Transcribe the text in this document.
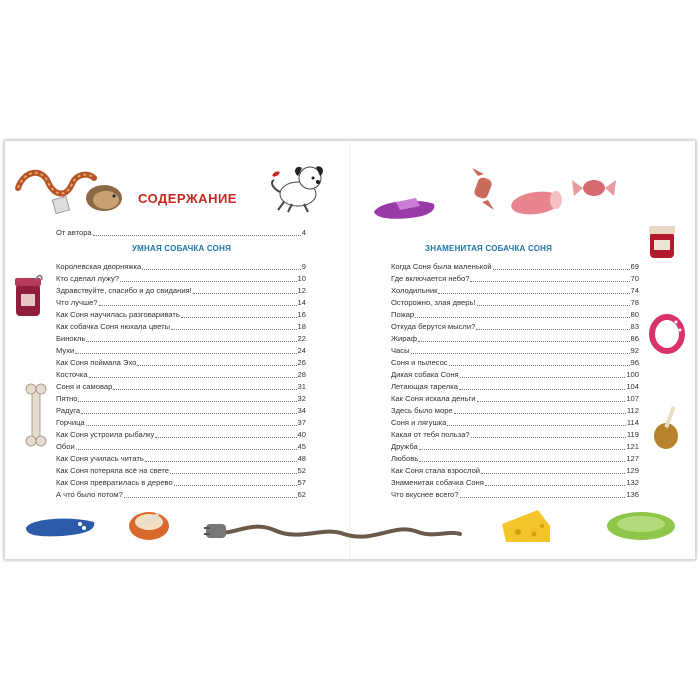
СОДЕРЖАНИЕ
От автора	4
УМНАЯ СОБАЧКА СОНЯ
Королевская дворняжка	9
Кто сделал лужу?	10
Здравствуйте, спасибо и до свидания!	12
Что лучше?	14
Как Соня научилась разговаривать	16
Как собачка Соня нюхала цветы	18
Бинокль	22
Мухи	24
Как Соня поймала Эхо	26
Косточка	28
Соня и самовар	31
Пятно	32
Радуга	34
Горчица	37
Как Соня устроила рыбалку	40
Обои	45
Как Соня училась читать	48
Как Соня потеряла всё на свете	52
Как Соня превратилась в дерево	57
А что было потом?	62
ЗНАМЕНИТАЯ СОБАЧКА СОНЯ
Когда Соня была маленькой	69
Где включается небо?	70
Холодильник	74
Осторожно, злая дверь!	78
Пожар	80
Откуда берутся мысли?	83
Жираф	86
Часы	92
Соня и пылесос	96
Дикая собака Соня	100
Летающая тарелка	104
Как Соня искала деньги	107
Здесь было море	112
Соня и лягушка	114
Какая от тебя польза?	119
Дружба	121
Любовь	127
Как Соня стала взрослой	129
Знаменитая собачка Соня	132
Что вкуснее всего?	136
